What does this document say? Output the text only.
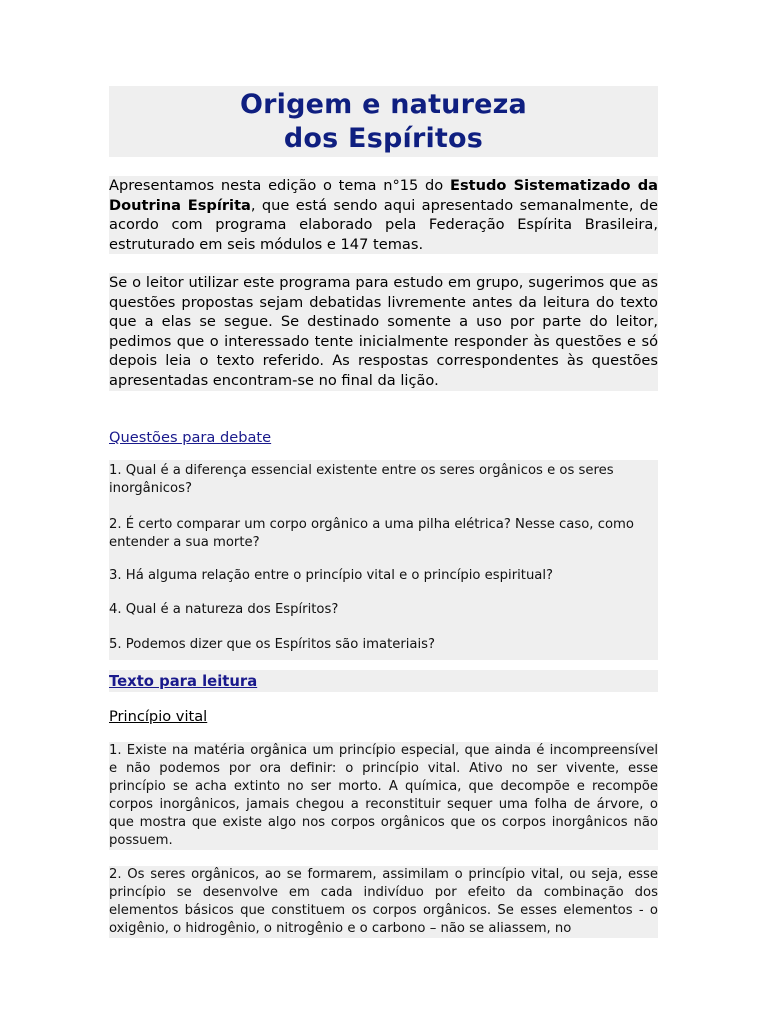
Origem e natureza
dos Espíritos

Apresentamos nesta edição o tema n°15 do Estudo Sistematizado da Doutrina Espírita, que está sendo aqui apresentado semanalmente, de acordo com programa elaborado pela Federação Espírita Brasileira, estruturado em seis módulos e 147 temas.

Se o leitor utilizar este programa para estudo em grupo, sugerimos que as questões propostas sejam debatidas livremente antes da leitura do texto que a elas se segue. Se destinado somente a uso por parte do leitor, pedimos que o interessado tente inicialmente responder às questões e só depois leia o texto referido. As respostas correspondentes às questões apresentadas encontram-se no final da lição.

Questões para debate

1. Qual é a diferença essencial existente entre os seres orgânicos e os seres inorgânicos?

2. É certo comparar um corpo orgânico a uma pilha elétrica? Nesse caso, como entender a sua morte?

3. Há alguma relação entre o princípio vital e o princípio espiritual?

4. Qual é a natureza dos Espíritos?

5. Podemos dizer que os Espíritos são imateriais?

Texto para leitura
Princípio vital

1. Existe na matéria orgânica um princípio especial, que ainda é incompreensível e não podemos por ora definir: o princípio vital. Ativo no ser vivente, esse princípio se acha extinto no ser morto. A química, que decompõe e recompõe corpos inorgânicos, jamais chegou a reconstituir sequer uma folha de árvore, o que mostra que existe algo nos corpos orgânicos que os corpos inorgânicos não possuem.

2. Os seres orgânicos, ao se formarem, assimilam o princípio vital, ou seja, esse princípio se desenvolve em cada indivíduo por efeito da combinação dos elementos básicos que constituem os corpos orgânicos. Se esses elementos - o oxigênio, o hidrogênio, o nitrogênio e o carbono – não se aliassem, no
